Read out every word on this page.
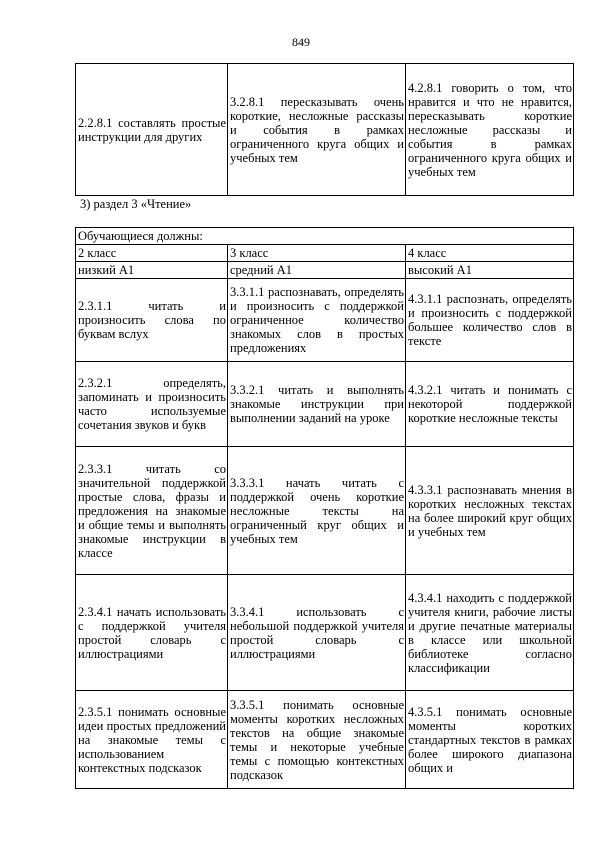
849
2.2.8.1 составлять простые инструкции для других	3.2.8.1 пересказывать очень короткие, несложные рассказы и события в рамках ограниченного круга общих и учебных тем	4.2.8.1 говорить о том, что нравится и что не нравится, пересказывать короткие несложные рассказы и события в рамках ограниченного круга общих и учебных тем
3) раздел 3 «Чтение»
Обучающиеся должны:		
2 класс	3 класс	4 класс
низкий А1	средний А1	высокий А1
2.3.1.1 читать и произносить слова по буквам вслух	3.3.1.1 распознавать, определять и произносить с поддержкой ограниченное количество знакомых слов в простых предложениях	4.3.1.1 распознать, определять и произносить с поддержкой большее количество слов в тексте
2.3.2.1 определять, запоминать и произносить часто используемые сочетания звуков и букв	3.3.2.1 читать и выполнять знакомые инструкции при выполнении заданий на уроке	4.3.2.1 читать и понимать с некоторой поддержкой короткие несложные тексты
2.3.3.1 читать со значительной поддержкой простые слова, фразы и предложения на знакомые и общие темы и выполнять знакомые инструкции в классе	3.3.3.1 начать читать с поддержкой очень короткие несложные тексты на ограниченный круг общих и учебных тем	4.3.3.1 распознавать мнения в коротких несложных текстах на более широкий круг общих и учебных тем
2.3.4.1 начать использовать с поддержкой учителя простой словарь с иллюстрациями	3.3.4.1 использовать с небольшой поддержкой учителя простой словарь с иллюстрациями	4.3.4.1 находить с поддержкой учителя книги, рабочие листы и другие печатные материалы в классе или школьной библиотеке согласно классификации
2.3.5.1 понимать основные идеи простых предложений на знакомые темы с использованием контекстных подсказок	3.3.5.1 понимать основные моменты коротких несложных текстов на общие знакомые темы и некоторые учебные темы с помощью контекстных подсказок	4.3.5.1 понимать основные моменты коротких стандартных текстов в рамках более широкого диапазона общих и
